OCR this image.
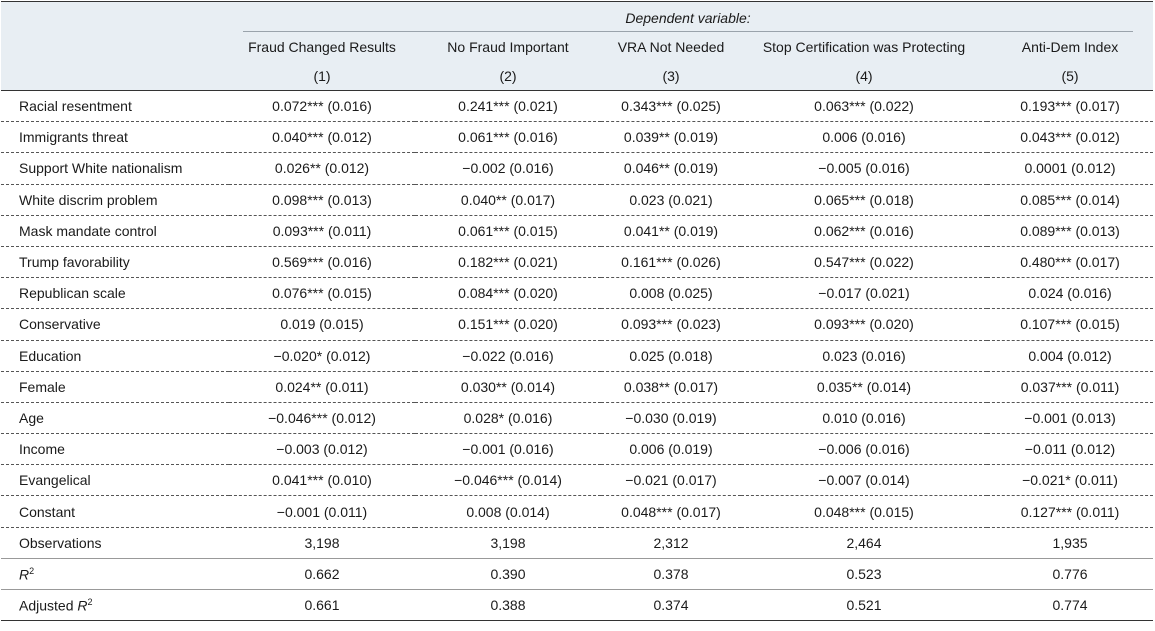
Dependent variable:					

	Fraud Changed Results	No Fraud Important	VRA Not Needed	Stop Certification was Protecting	Anti-Dem Index
	(1)	(2)	(3)	(4)	(5)
Racial resentment	0.072*** (0.016)	0.241*** (0.021)	0.343*** (0.025)	0.063*** (0.022)	0.193*** (0.017)
Immigrants threat	0.040*** (0.012)	0.061*** (0.016)	0.039** (0.019)	0.006 (0.016)	0.043*** (0.012)
Support White nationalism	0.026** (0.012)	−0.002 (0.016)	0.046** (0.019)	−0.005 (0.016)	0.0001 (0.012)
White discrim problem	0.098*** (0.013)	0.040** (0.017)	0.023 (0.021)	0.065*** (0.018)	0.085*** (0.014)
Mask mandate control	0.093*** (0.011)	0.061*** (0.015)	0.041** (0.019)	0.062*** (0.016)	0.089*** (0.013)
Trump favorability	0.569*** (0.016)	0.182*** (0.021)	0.161*** (0.026)	0.547*** (0.022)	0.480*** (0.017)
Republican scale	0.076*** (0.015)	0.084*** (0.020)	0.008 (0.025)	−0.017 (0.021)	0.024 (0.016)
Conservative	0.019 (0.015)	0.151*** (0.020)	0.093*** (0.023)	0.093*** (0.020)	0.107*** (0.015)
Education	−0.020* (0.012)	−0.022 (0.016)	0.025 (0.018)	0.023 (0.016)	0.004 (0.012)
Female	0.024** (0.011)	0.030** (0.014)	0.038** (0.017)	0.035** (0.014)	0.037*** (0.011)
Age	−0.046*** (0.012)	0.028* (0.016)	−0.030 (0.019)	0.010 (0.016)	−0.001 (0.013)
Income	−0.003 (0.012)	−0.001 (0.016)	0.006 (0.019)	−0.006 (0.016)	−0.011 (0.012)
Evangelical	0.041*** (0.010)	−0.046*** (0.014)	−0.021 (0.017)	−0.007 (0.014)	−0.021* (0.011)
Constant	−0.001 (0.011)	0.008 (0.014)	0.048*** (0.017)	0.048*** (0.015)	0.127*** (0.011)
Observations	3,198	3,198	2,312	2,464	1,935
$R^2$	0.662	0.390	0.378	0.523	0.776
Adjusted $R^2$	0.661	0.388	0.374	0.521	0.774
